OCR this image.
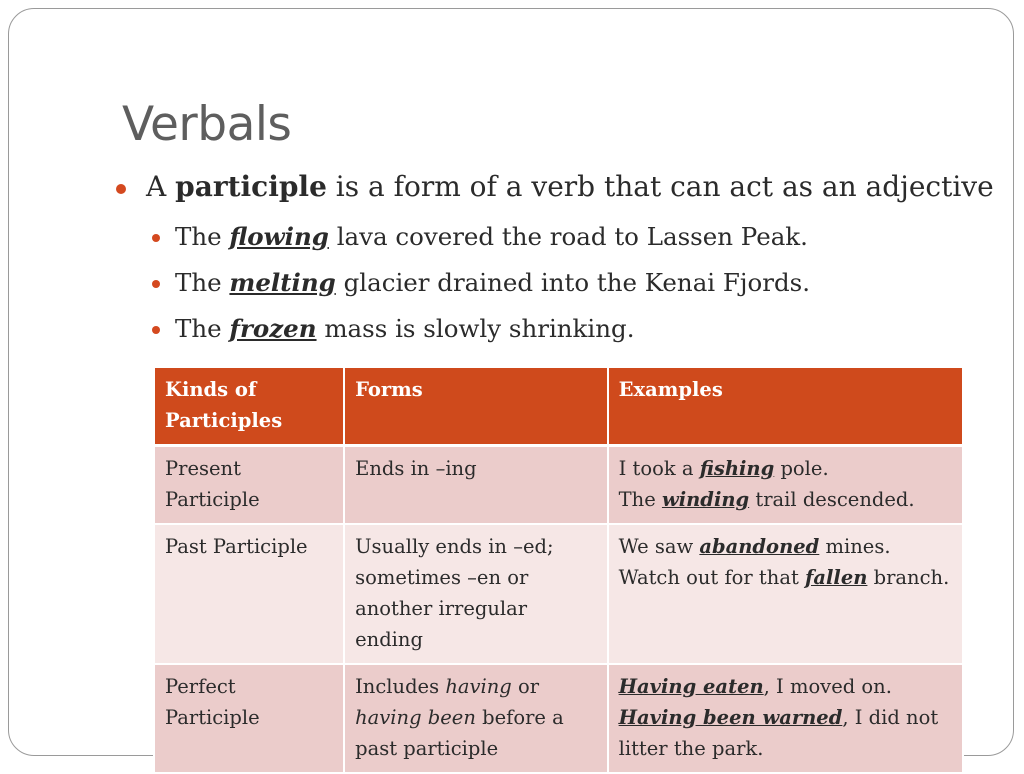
Verbals
A participle is a form of a verb that can act as an adjective
The flowing lava covered the road to Lassen Peak.
The melting glacier drained into the Kenai Fjords.
The frozen mass is slowly shrinking.
Kinds of Participles	Forms	Examples
Present Participle	Ends in –ing	I took a fishing pole.
The winding trail descended.

Past Participle	Usually ends in –ed; sometimes –en or another irregular ending	We saw abandoned mines.
Watch out for that fallen branch.

Perfect Participle	Includes having or having been before a past participle	Having eaten, I moved on.
Having been warned, I did not litter the park.
